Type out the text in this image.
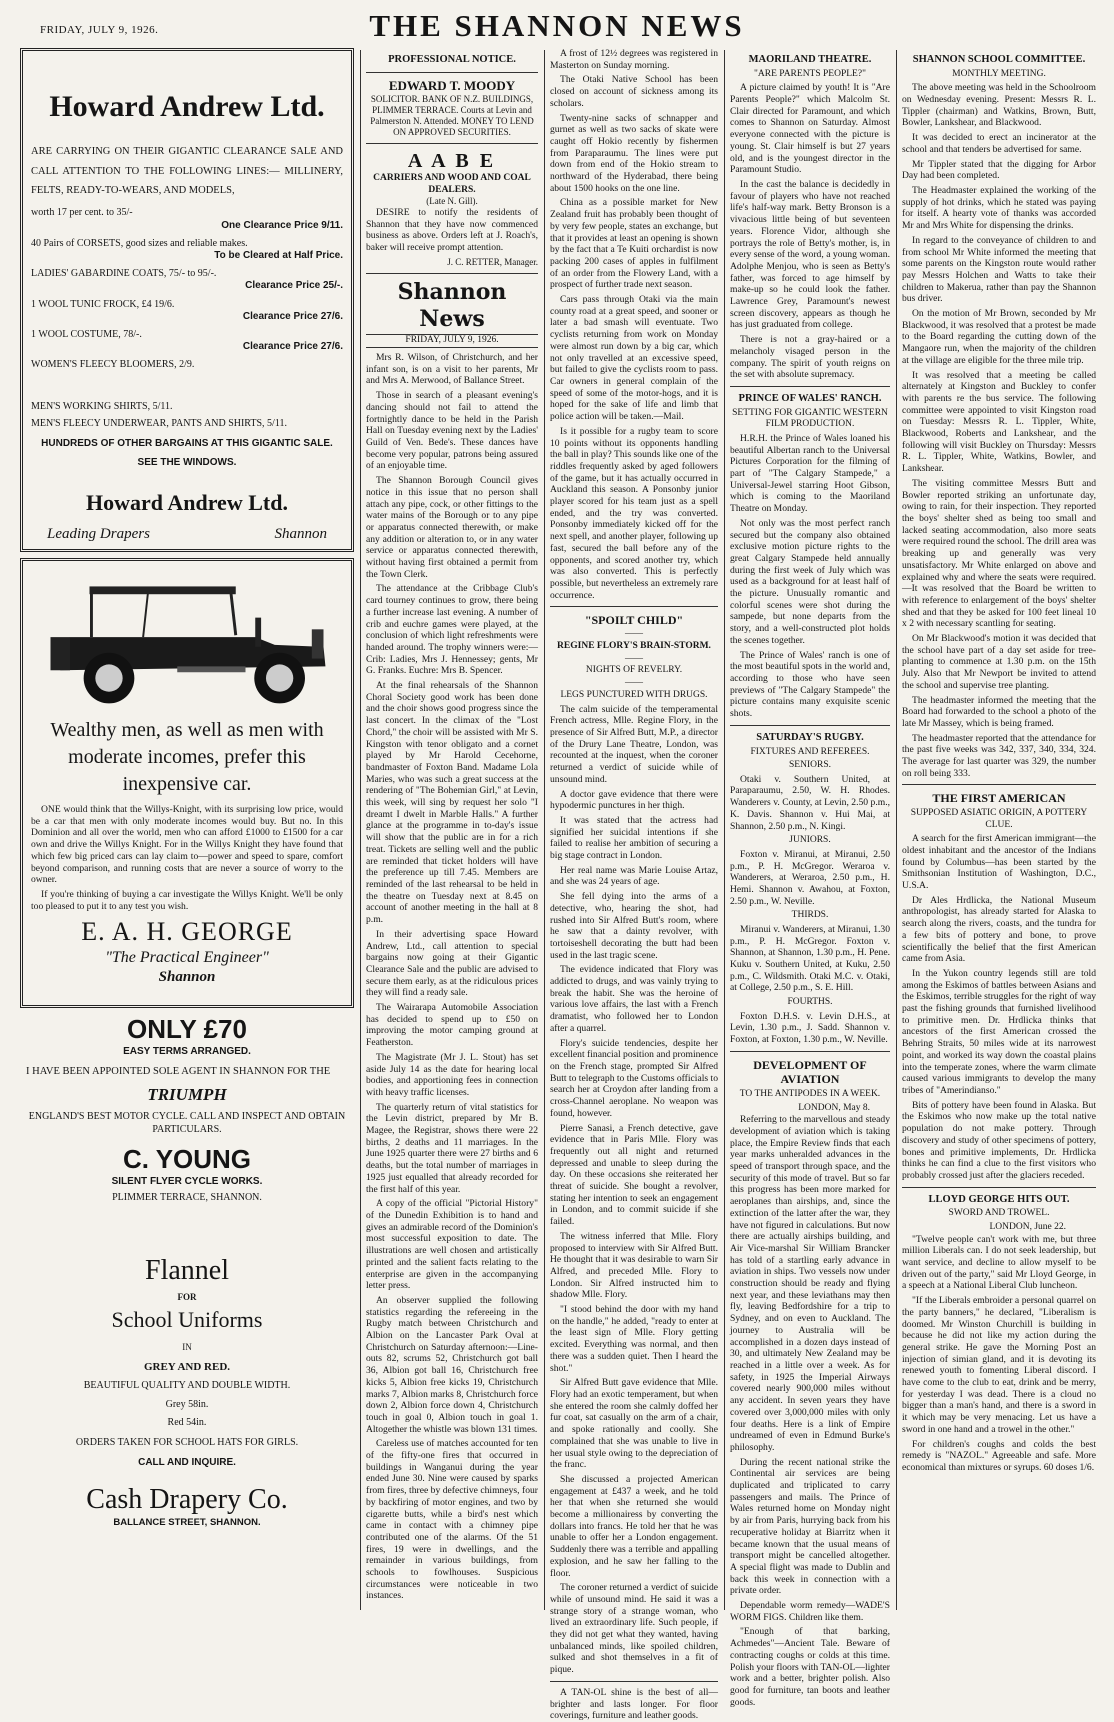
FRIDAY, JULY 9, 1926.	THE SHANNON NEWS
Howard Andrew Ltd.
ARE CARRYING ON THEIR GIGANTIC CLEARANCE SALE AND CALL ATTENTION TO THE FOLLOWING LINES:— MILLINERY, FELTS, READY-TO-WEARS, AND MODELS,
worth 17 per cent. to 35/-
One Clearance Price 9/11.
40 Pairs of CORSETS, good sizes and reliable makes.
To be Cleared at Half Price.
LADIES' GABARDINE COATS, 75/- to 95/-.
Clearance Price 25/-.
1 WOOL TUNIC FROCK, £4 19/6.
Clearance Price 27/6.
1 WOOL COSTUME, 78/-.
Clearance Price 27/6.
WOMEN'S FLEECY BLOOMERS, 2/9.
MEN'S WORKING SHIRTS, 5/11.
MEN'S FLEECY UNDERWEAR, PANTS AND SHIRTS, 5/11.
HUNDREDS OF OTHER BARGAINS AT THIS GIGANTIC SALE. SEE THE WINDOWS.
Howard Andrew Ltd.
Leading Drapers	Shannon
Wealthy men, as well as men with moderate incomes, prefer this inexpensive car.

ONE would think that the Willys-Knight, with its surprising low price, would be a car that men with only moderate incomes would buy. But no. In this Dominion and all over the world, men who can afford £1000 to £1500 for a car own and drive the Willys Knight. For in the Willys Knight they have found that which few big priced cars can lay claim to—power and speed to spare, comfort beyond comparison, and running costs that are never a source of worry to the owner.

If you're thinking of buying a car investigate the Willys Knight. We'll be only too pleased to put it to any test you wish.

E. A. H. GEORGE
"The Practical Engineer"
Shannon
ONLY £70
EASY TERMS ARRANGED.
I HAVE BEEN APPOINTED SOLE AGENT IN SHANNON FOR THE
TRIUMPH
ENGLAND'S BEST MOTOR CYCLE. CALL AND INSPECT AND OBTAIN PARTICULARS.
C. YOUNG
SILENT FLYER CYCLE WORKS.
PLIMMER TERRACE, SHANNON.
Flannel
FOR
School Uniforms
IN
GREY AND RED.
BEAUTIFUL QUALITY AND DOUBLE WIDTH.
Grey 58in.
Red 54in.
ORDERS TAKEN FOR SCHOOL HATS FOR GIRLS.
CALL AND INQUIRE.
Cash Drapery Co.
BALLANCE STREET, SHANNON.
PROFESSIONAL NOTICE.
EDWARD T. MOODY
SOLICITOR. BANK OF N.Z. BUILDINGS, PLIMMER TERRACE. Courts at Levin and Palmerston N. Attended. MONEY TO LEND ON APPROVED SECURITIES.
A A B E
CARRIERS AND WOOD AND COAL DEALERS.
(Late N. Gill).

DESIRE to notify the residents of Shannon that they have now commenced business as above. Orders left at J. Roach's, baker will receive prompt attention.

J. C. RETTER, Manager.
Shannon News
FRIDAY, JULY 9, 1926.

Mrs R. Wilson, of Christchurch, and her infant son, is on a visit to her parents, Mr and Mrs A. Merwood, of Ballance Street.

Those in search of a pleasant evening's dancing should not fail to attend the fortnightly dance to be held in the Parish Hall on Tuesday evening next by the Ladies' Guild of Ven. Bede's. These dances have become very popular, patrons being assured of an enjoyable time.

The Shannon Borough Council gives notice in this issue that no person shall attach any pipe, cock, or other fittings to the water mains of the Borough or to any pipe or apparatus connected therewith, or make any addition or alteration to, or in any water service or apparatus connected therewith, without having first obtained a permit from the Town Clerk.

The attendance at the Cribbage Club's card tourney continues to grow, there being a further increase last evening. A number of crib and euchre games were played, at the conclusion of which light refreshments were handed around. The trophy winners were:—Crib: Ladies, Mrs J. Hennessey; gents, Mr G. Franks. Euchre: Mrs B. Spencer.

At the final rehearsals of the Shannon Choral Society good work has been done and the choir shows good progress since the last concert. In the climax of the "Lost Chord," the choir will be assisted with Mr S. Kingston with tenor obligato and a cornet played by Mr Harold Cecehorne, bandmaster of Foxton Band. Madame Lola Maries, who was such a great success at the rendering of "The Bohemian Girl," at Levin, this week, will sing by request her solo "I dreamt I dwelt in Marble Halls." A further glance at the programme in to-day's issue will show that the public are in for a rich treat. Tickets are selling well and the public are reminded that ticket holders will have the preference up till 7.45. Members are reminded of the last rehearsal to be held in the theatre on Tuesday next at 8.45 on account of another meeting in the hall at 8 p.m.

In their advertising space Howard Andrew, Ltd., call attention to special bargains now going at their Gigantic Clearance Sale and the public are advised to secure them early, as at the ridiculous prices they will find a ready sale.

The Wairarapa Automobile Association has decided to spend up to £50 on improving the motor camping ground at Featherston.

The Magistrate (Mr J. L. Stout) has set aside July 14 as the date for hearing local bodies, and apportioning fees in connection with heavy traffic licenses.

The quarterly return of vital statistics for the Levin district, prepared by Mr B. Magee, the Registrar, shows there were 22 births, 2 deaths and 11 marriages. In the June 1925 quarter there were 27 births and 6 deaths, but the total number of marriages in 1925 just equalled that already recorded for the first half of this year.

A copy of the official "Pictorial History" of the Dunedin Exhibition is to hand and gives an admirable record of the Dominion's most successful exposition to date. The illustrations are well chosen and artistically printed and the salient facts relating to the enterprise are given in the accompanying letter press.

An observer supplied the following statistics regarding the refereeing in the Rugby match between Christchurch and Albion on the Lancaster Park Oval at Christchurch on Saturday afternoon:—Line-outs 82, scrums 52, Christchurch got ball 36, Albion got ball 16, Christchurch free kicks 5, Albion free kicks 19, Christchurch marks 7, Albion marks 8, Christchurch force down 2, Albion force down 4, Christchurch touch in goal 0, Albion touch in goal 1. Altogether the whistle was blown 131 times.

Careless use of matches accounted for ten of the fifty-one fires that occurred in buildings in Wanganui during the year ended June 30. Nine were caused by sparks from fires, three by defective chimneys, four by backfiring of motor engines, and two by cigarette butts, while a bird's nest which came in contact with a chimney pipe contributed one of the alarms. Of the 51 fires, 19 were in dwellings, and the remainder in various buildings, from schools to fowlhouses. Suspicious circumstances were noticeable in two instances.

A frost of 12½ degrees was registered in Masterton on Sunday morning.

The Otaki Native School has been closed on account of sickness among its scholars.

Twenty-nine sacks of schnapper and gurnet as well as two sacks of skate were caught off Hokio recently by fishermen from Paraparaumu. The lines were put down from end of the Hokio stream to northward of the Hyderabad, there being about 1500 hooks on the one line.

China as a possible market for New Zealand fruit has probably been thought of by very few people, states an exchange, but that it provides at least an opening is shown by the fact that a Te Kuiti orchardist is now packing 200 cases of apples in fulfilment of an order from the Flowery Land, with a prospect of further trade next season.

Cars pass through Otaki via the main county road at a great speed, and sooner or later a bad smash will eventuate. Two cyclists returning from work on Monday were almost run down by a big car, which not only travelled at an excessive speed, but failed to give the cyclists room to pass. Car owners in general complain of the speed of some of the motor-hogs, and it is hoped for the sake of life and limb that police action will be taken.—Mail.

Is it possible for a rugby team to score 10 points without its opponents handling the ball in play? This sounds like one of the riddles frequently asked by aged followers of the game, but it has actually occurred in Auckland this season. A Ponsonby junior player scored for his team just as a spell ended, and the try was converted. Ponsonby immediately kicked off for the next spell, and another player, following up fast, secured the ball before any of the opponents, and scored another try, which was also converted. This is perfectly possible, but nevertheless an extremely rare occurrence.

"SPOILT CHILD"
——
REGINE FLORY'S BRAIN-STORM.
——
NIGHTS OF REVELRY.
——
LEGS PUNCTURED WITH DRUGS.

The calm suicide of the temperamental French actress, Mlle. Regine Flory, in the presence of Sir Alfred Butt, M.P., a director of the Drury Lane Theatre, London, was recounted at the inquest, when the coroner returned a verdict of suicide while of unsound mind.

A doctor gave evidence that there were hypodermic punctures in her thigh.

It was stated that the actress had signified her suicidal intentions if she failed to realise her ambition of securing a big stage contract in London.

Her real name was Marie Louise Artaz, and she was 24 years of age.

She fell dying into the arms of a detective, who, hearing the shot, had rushed into Sir Alfred Butt's room, where he saw that a dainty revolver, with tortoiseshell decorating the butt had been used in the last tragic scene.

The evidence indicated that Flory was addicted to drugs, and was vainly trying to break the habit. She was the heroine of various love affairs, the last with a French dramatist, who followed her to London after a quarrel.

Flory's suicide tendencies, despite her excellent financial position and prominence on the French stage, prompted Sir Alfred Butt to telegraph to the Customs officials to search her at Croydon after landing from a cross-Channel aeroplane. No weapon was found, however.

Pierre Sanasi, a French detective, gave evidence that in Paris Mlle. Flory was frequently out all night and returned depressed and unable to sleep during the day. On these occasions she reiterated her threat of suicide. She bought a revolver, stating her intention to seek an engagement in London, and to commit suicide if she failed.

The witness inferred that Mlle. Flory proposed to interview with Sir Alfred Butt. He thought that it was desirable to warn Sir Alfred, and preceded Mlle. Flory to London. Sir Alfred instructed him to shadow Mlle. Flory.

"I stood behind the door with my hand on the handle," he added, "ready to enter at the least sign of Mlle. Flory getting excited. Everything was normal, and then there was a sudden quiet. Then I heard the shot."

Sir Alfred Butt gave evidence that Mlle. Flory had an exotic temperament, but when she entered the room she calmly doffed her fur coat, sat casually on the arm of a chair, and spoke rationally and coolly. She complained that she was unable to live in her usual style owing to the depreciation of the franc.

She discussed a projected American engagement at £437 a week, and he told her that when she returned she would become a millionairess by converting the dollars into francs. He told her that he was unable to offer her a London engagement. Suddenly there was a terrible and appalling explosion, and he saw her falling to the floor.

The coroner returned a verdict of suicide while of unsound mind. He said it was a strange story of a strange woman, who lived an extraordinary life. Such people, if they did not get what they wanted, having unbalanced minds, like spoiled children, sulked and shot themselves in a fit of pique.

A TAN-OL shine is the best of all—brighter and lasts longer. For floor coverings, furniture and leather goods.

MAORILAND THEATRE.
"ARE PARENTS PEOPLE?"

A picture claimed by youth! It is "Are Parents People?" which Malcolm St. Clair directed for Paramount, and which comes to Shannon on Saturday. Almost everyone connected with the picture is young. St. Clair himself is but 27 years old, and is the youngest director in the Paramount Studio.

In the cast the balance is decidedly in favour of players who have not reached life's half-way mark. Betty Bronson is a vivacious little being of but seventeen years. Florence Vidor, although she portrays the role of Betty's mother, is, in every sense of the word, a young woman. Adolphe Menjou, who is seen as Betty's father, was forced to age himself by make-up so he could look the father. Lawrence Grey, Paramount's newest screen discovery, appears as though he has just graduated from college.

There is not a gray-haired or a melancholy visaged person in the company. The spirit of youth reigns on the set with absolute supremacy.

PRINCE OF WALES' RANCH.
SETTING FOR GIGANTIC WESTERN FILM PRODUCTION.

H.R.H. the Prince of Wales loaned his beautiful Albertan ranch to the Universal Pictures Corporation for the filming of part of "The Calgary Stampede," a Universal-Jewel starring Hoot Gibson, which is coming to the Maoriland Theatre on Monday.

Not only was the most perfect ranch secured but the company also obtained exclusive motion picture rights to the great Calgary Stampede held annually during the first week of July which was used as a background for at least half of the picture. Unusually romantic and colorful scenes were shot during the sampede, but none departs from the story, and a well-constructed plot holds the scenes together.

The Prince of Wales' ranch is one of the most beautiful spots in the world and, according to those who have seen previews of "The Calgary Stampede" the picture contains many exquisite scenic shots.

SATURDAY'S RUGBY.
FIXTURES AND REFEREES.
SENIORS.

Otaki v. Southern United, at Paraparaumu, 2.50, W. H. Rhodes. Wanderers v. County, at Levin, 2.50 p.m., K. Davis. Shannon v. Hui Mai, at Shannon, 2.50 p.m., N. Kingi.

JUNIORS.

Foxton v. Miranui, at Miranui, 2.50 p.m., P. H. McGregor. Weraroa v. Wanderers, at Weraroa, 2.50 p.m., H. Hemi. Shannon v. Awahou, at Foxton, 2.50 p.m., W. Neville.

THIRDS.

Miranui v. Wanderers, at Miranui, 1.30 p.m., P. H. McGregor. Foxton v. Shannon, at Shannon, 1.30 p.m., H. Pene. Kuku v. Southern United, at Kuku, 2.50 p.m., C. Wildsmith. Otaki M.C. v. Otaki, at College, 2.50 p.m., S. E. Hill.

FOURTHS.

Foxton D.H.S. v. Levin D.H.S., at Levin, 1.30 p.m., J. Sadd. Shannon v. Foxton, at Foxton, 1.30 p.m., W. Neville.

DEVELOPMENT OF AVIATION
TO THE ANTIPODES IN A WEEK.
LONDON, May 8.

Referring to the marvellous and steady development of aviation which is taking place, the Empire Review finds that each year marks unheralded advances in the speed of transport through space, and the security of this mode of travel. But so far this progress has been more marked for aeroplanes than airships, and, since the extinction of the latter after the war, they have not figured in calculations. But now there are actually airships building, and Air Vice-marshal Sir William Brancker has told of a startling early advance in aviation in ships. Two vessels now under construction should be ready and flying next year, and these leviathans may then fly, leaving Bedfordshire for a trip to Sydney, and on even to Auckland. The journey to Australia will be accomplished in a dozen days instead of 30, and ultimately New Zealand may be reached in a little over a week. As for safety, in 1925 the Imperial Airways covered nearly 900,000 miles without any accident. In seven years they have covered over 3,000,000 miles with only four deaths. Here is a link of Empire undreamed of even in Edmund Burke's philosophy.

During the recent national strike the Continental air services are being duplicated and triplicated to carry passengers and mails. The Prince of Wales returned home on Monday night by air from Paris, hurrying back from his recuperative holiday at Biarritz when it became known that the usual means of transport might be cancelled altogether. A special flight was made to Dublin and back this week in connection with a private order.

Dependable worm remedy—WADE'S WORM FIGS. Children like them.

"Enough of that barking, Achmedes"—Ancient Tale. Beware of contracting coughs or colds at this time. Polish your floors with TAN-OL—lighter work and a better, brighter polish. Also good for furniture, tan boots and leather goods.

SHANNON SCHOOL COMMITTEE.
MONTHLY MEETING.

The above meeting was held in the Schoolroom on Wednesday evening. Present: Messrs R. L. Tippler (chairman) and Watkins, Brown, Butt, Bowler, Lankshear, and Blackwood.

It was decided to erect an incinerator at the school and that tenders be advertised for same.

Mr Tippler stated that the digging for Arbor Day had been completed.

The Headmaster explained the working of the supply of hot drinks, which he stated was paying for itself. A hearty vote of thanks was accorded Mr and Mrs White for dispensing the drinks.

In regard to the conveyance of children to and from school Mr White informed the meeting that some parents on the Kingston route would rather pay Messrs Holchen and Watts to take their children to Makerua, rather than pay the Shannon bus driver.

On the motion of Mr Brown, seconded by Mr Blackwood, it was resolved that a protest be made to the Board regarding the cutting down of the Mangaore run, when the majority of the children at the village are eligible for the three mile trip.

It was resolved that a meeting be called alternately at Kingston and Buckley to confer with parents re the bus service. The following committee were appointed to visit Kingston road on Tuesday: Messrs R. L. Tippler, White, Blackwood, Roberts and Lankshear, and the following will visit Buckley on Thursday: Messrs R. L. Tippler, White, Watkins, Bowler, and Lankshear.

The visiting committee Messrs Butt and Bowler reported striking an unfortunate day, owing to rain, for their inspection. They reported the boys' shelter shed as being too small and lacked seating accommodation, also more seats were required round the school. The drill area was breaking up and generally was very unsatisfactory. Mr White enlarged on above and explained why and where the seats were required.—It was resolved that the Board be written to with reference to enlargement of the boys' shelter shed and that they be asked for 100 feet lineal 10 x 2 with necessary scantling for seating.

On Mr Blackwood's motion it was decided that the school have part of a day set aside for tree-planting to commence at 1.30 p.m. on the 15th July. Also that Mr Newport be invited to attend the school and supervise tree planting.

The headmaster informed the meeting that the Board had forwarded to the school a photo of the late Mr Massey, which is being framed.

The headmaster reported that the attendance for the past five weeks was 342, 337, 340, 334, 324. The average for last quarter was 329, the number on roll being 333.

THE FIRST AMERICAN
SUPPOSED ASIATIC ORIGIN, A POTTERY CLUE.

A search for the first American immigrant—the oldest inhabitant and the ancestor of the Indians found by Columbus—has been started by the Smithsonian Institution of Washington, D.C., U.S.A.

Dr Ales Hrdlicka, the National Museum anthropologist, has already started for Alaska to search along the rivers, coasts, and the tundra for a few bits of pottery and bone, to prove scientifically the belief that the first American came from Asia.

In the Yukon country legends still are told among the Eskimos of battles between Asians and the Eskimos, terrible struggles for the right of way past the fishing grounds that furnished livelihood to primitive men. Dr. Hrdlicka thinks that ancestors of the first American crossed the Behring Straits, 50 miles wide at its narrowest point, and worked its way down the coastal plains into the temperate zones, where the warm climate caused various immigrants to develop the many tribes of "Amerindianso."

Bits of pottery have been found in Alaska. But the Eskimos who now make up the total native population do not make pottery. Through discovery and study of other specimens of pottery, bones and primitive implements, Dr. Hrdlicka thinks he can find a clue to the first visitors who probably crossed just after the glaciers receded.

LLOYD GEORGE HITS OUT.
SWORD AND TROWEL.
LONDON, June 22.

"Twelve people can't work with me, but three million Liberals can. I do not seek leadership, but want service, and decline to allow myself to be driven out of the party," said Mr Lloyd George, in a speech at a National Liberal Club luncheon.

"If the Liberals embroider a personal quarrel on the party banners," he declared, "Liberalism is doomed. Mr Winston Churchill is building in because he did not like my action during the general strike. He gave the Morning Post an injection of simian gland, and it is devoting its renewed youth to fomenting Liberal discord. I have come to the club to eat, drink and be merry, for yesterday I was dead. There is a cloud no bigger than a man's hand, and there is a sword in it which may be very menacing. Let us have a sword in one hand and a trowel in the other."

For children's coughs and colds the best remedy is "NAZOL." Agreeable and safe. More economical than mixtures or syrups. 60 doses 1/6.
